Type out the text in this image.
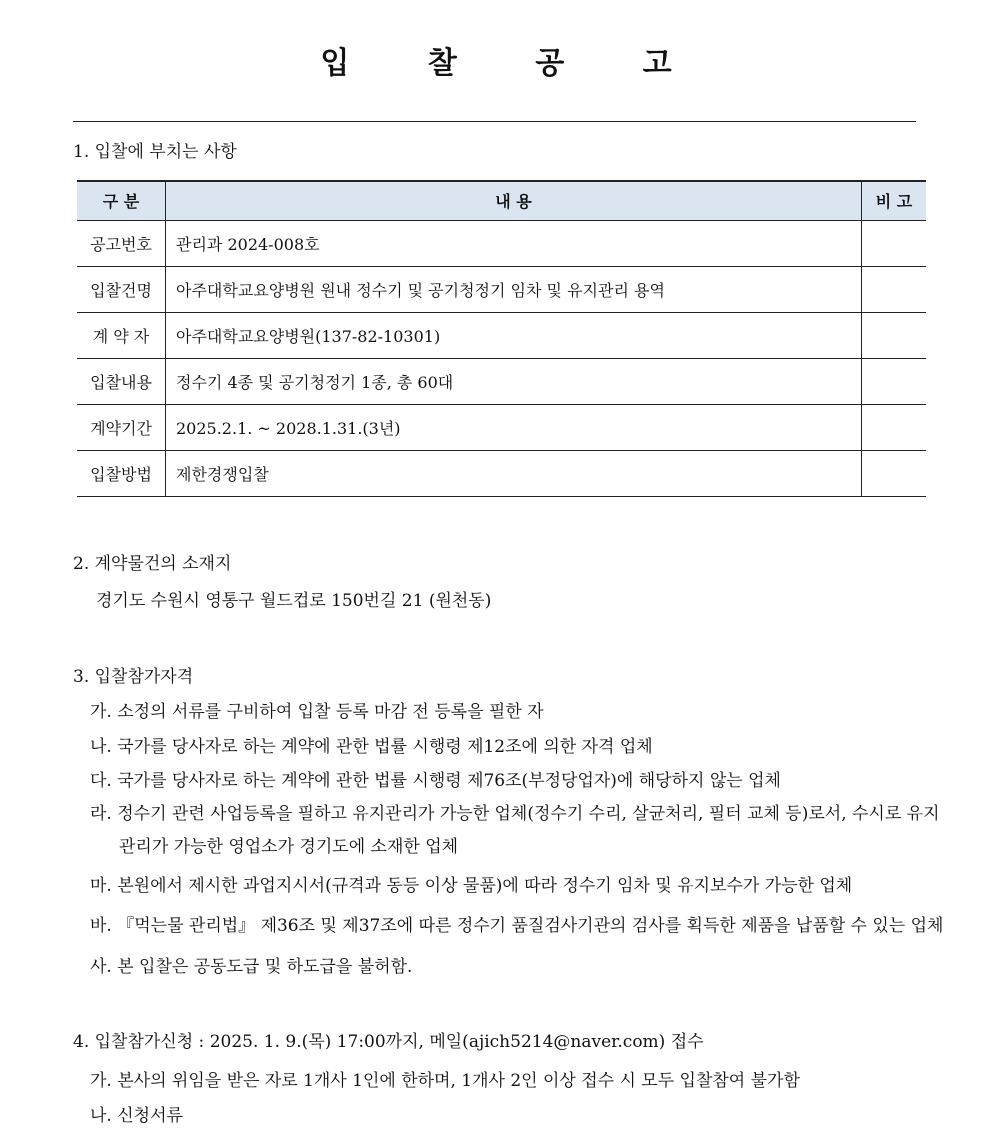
입 찰 공 고
1. 입찰에 부치는 사항
구 분	내 용	비 고
공고번호	관리과 2024-008호	
입찰건명	아주대학교요양병원 원내 정수기 및 공기청정기 임차 및 유지관리 용역	
계 약 자	아주대학교요양병원(137-82-10301)	
입찰내용	정수기 4종 및 공기청정기 1종, 총 60대	
계약기간	2025.2.1. ~ 2028.1.31.(3년)	
입찰방법	제한경쟁입찰	
2. 계약물건의 소재지
경기도 수원시 영통구 월드컵로 150번길 21 (원천동)
3. 입찰참가자격
가. 소정의 서류를 구비하여 입찰 등록 마감 전 등록을 필한 자
나. 국가를 당사자로 하는 계약에 관한 법률 시행령 제12조에 의한 자격 업체
다. 국가를 당사자로 하는 계약에 관한 법률 시행령 제76조(부정당업자)에 해당하지 않는 업체
라. 정수기 관련 사업등록을 필하고 유지관리가 가능한 업체(정수기 수리, 살균처리, 필터 교체 등)로서, 수시로 유지
관리가 가능한 영업소가 경기도에 소재한 업체
마. 본원에서 제시한 과업지시서(규격과 동등 이상 물품)에 따라 정수기 임차 및 유지보수가 가능한 업체
바. 『먹는물 관리법』 제36조 및 제37조에 따른 정수기 품질검사기관의 검사를 획득한 제품을 납품할 수 있는 업체
사. 본 입찰은 공동도급 및 하도급을 불허함.
4. 입찰참가신청 : 2025. 1. 9.(목) 17:00까지, 메일(ajich5214@naver.com) 접수
가. 본사의 위임을 받은 자로 1개사 1인에 한하며, 1개사 2인 이상 접수 시 모두 입찰참여 불가함
나. 신청서류
